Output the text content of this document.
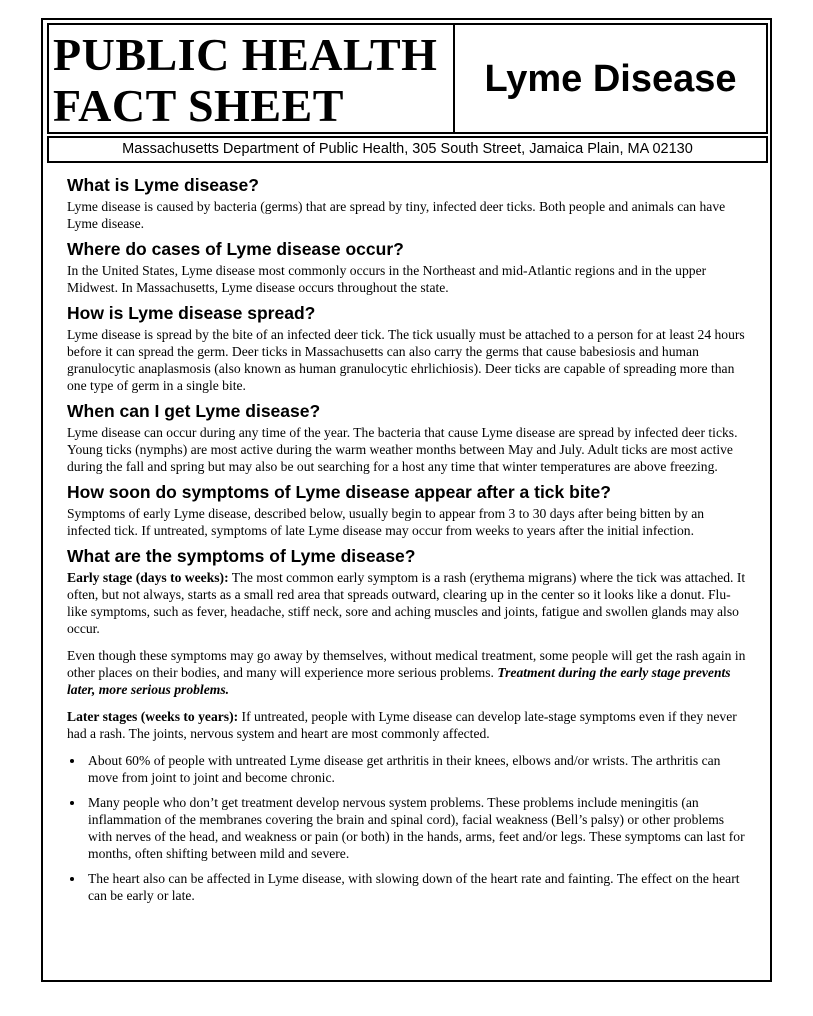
PUBLIC HEALTH
FACT SHEET
Lyme Disease

Massachusetts Department of Public Health, 305 South Street, Jamaica Plain, MA 02130

What is Lyme disease?

Lyme disease is caused by bacteria (germs) that are spread by tiny, infected deer ticks. Both people and animals can have Lyme disease.

Where do cases of Lyme disease occur?

In the United States, Lyme disease most commonly occurs in the Northeast and mid-Atlantic regions and in the upper Midwest. In Massachusetts, Lyme disease occurs throughout the state.

How is Lyme disease spread?

Lyme disease is spread by the bite of an infected deer tick. The tick usually must be attached to a person for at least 24 hours before it can spread the germ. Deer ticks in Massachusetts can also carry the germs that cause babesiosis and human granulocytic anaplasmosis (also known as human granulocytic ehrlichiosis). Deer ticks are capable of spreading more than one type of germ in a single bite.

When can I get Lyme disease?

Lyme disease can occur during any time of the year. The bacteria that cause Lyme disease are spread by infected deer ticks. Young ticks (nymphs) are most active during the warm weather months between May and July. Adult ticks are most active during the fall and spring but may also be out searching for a host any time that winter temperatures are above freezing.

How soon do symptoms of Lyme disease appear after a tick bite?

Symptoms of early Lyme disease, described below, usually begin to appear from 3 to 30 days after being bitten by an infected tick. If untreated, symptoms of late Lyme disease may occur from weeks to years after the initial infection.

What are the symptoms of Lyme disease?

Early stage (days to weeks): The most common early symptom is a rash (erythema migrans) where the tick was attached. It often, but not always, starts as a small red area that spreads outward, clearing up in the center so it looks like a donut. Flu-like symptoms, such as fever, headache, stiff neck, sore and aching muscles and joints, fatigue and swollen glands may also occur.

Even though these symptoms may go away by themselves, without medical treatment, some people will get the rash again in other places on their bodies, and many will experience more serious problems. Treatment during the early stage prevents later, more serious problems.

Later stages (weeks to years): If untreated, people with Lyme disease can develop late-stage symptoms even if they never had a rash. The joints, nervous system and heart are most commonly affected.

• About 60% of people with untreated Lyme disease get arthritis in their knees, elbows and/or wrists. The arthritis can move from joint to joint and become chronic.
• Many people who don’t get treatment develop nervous system problems. These problems include meningitis (an inflammation of the membranes covering the brain and spinal cord), facial weakness (Bell’s palsy) or other problems with nerves of the head, and weakness or pain (or both) in the hands, arms, feet and/or legs. These symptoms can last for months, often shifting between mild and severe.
• The heart also can be affected in Lyme disease, with slowing down of the heart rate and fainting. The effect on the heart can be early or late.
